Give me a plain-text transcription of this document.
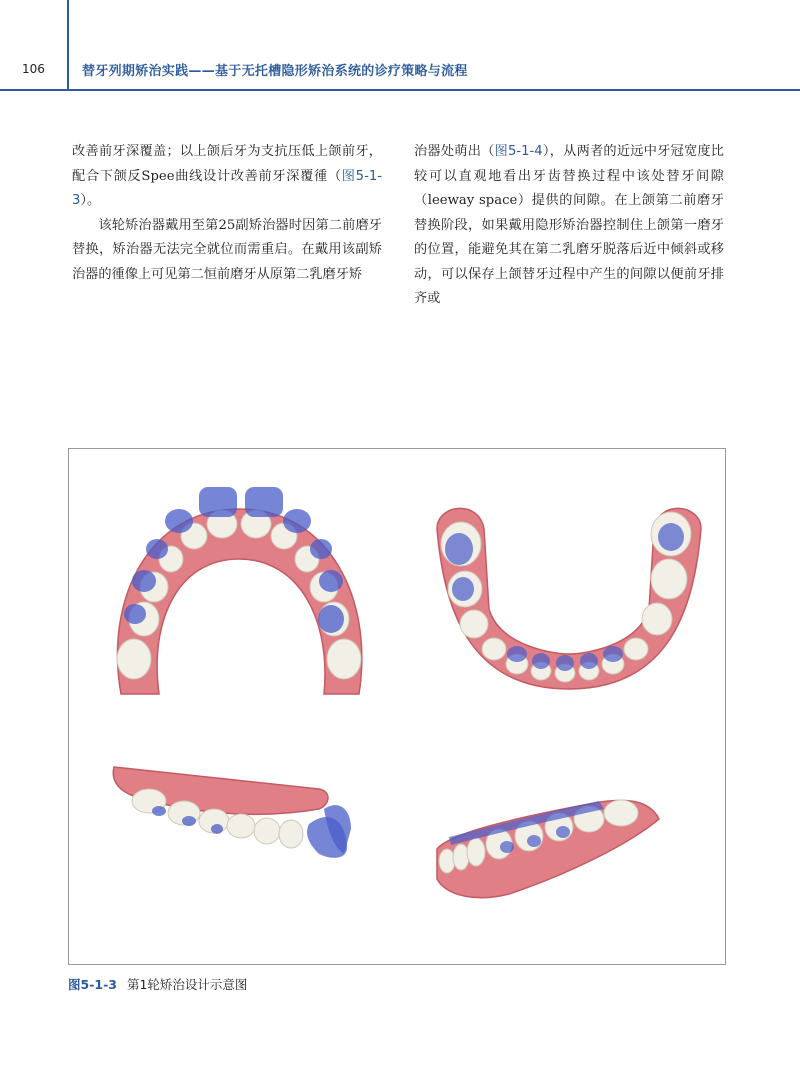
106	替牙列期矫治实践——基于无托槽隐形矫治系统的诊疗策略与流程

改善前牙深覆盖；以上颌后牙为支抗压低上颌前牙，配合下颌反Spee曲线设计改善前牙深覆㣫（图5-1-3）。

该轮矫治器戴用至第25副矫治器时因第二前磨牙替换，矫治器无法完全就位而需重启。在戴用该副矫治器的㣫像上可见第二恒前磨牙从原第二乳磨牙矫

治器处萌出（图5-1-4），从两者的近远中牙冠宽度比较可以直观地看出牙齿替换过程中该处替牙间隙（leeway space）提供的间隙。在上颌第二前磨牙替换阶段，如果戴用隐形矫治器控制住上颌第一磨牙的位置，能避免其在第二乳磨牙脱落后近中倾斜或移动，可以保存上颌替牙过程中产生的间隙以便前牙排齐或

图5-1-3 第1轮矫治设计示意图
